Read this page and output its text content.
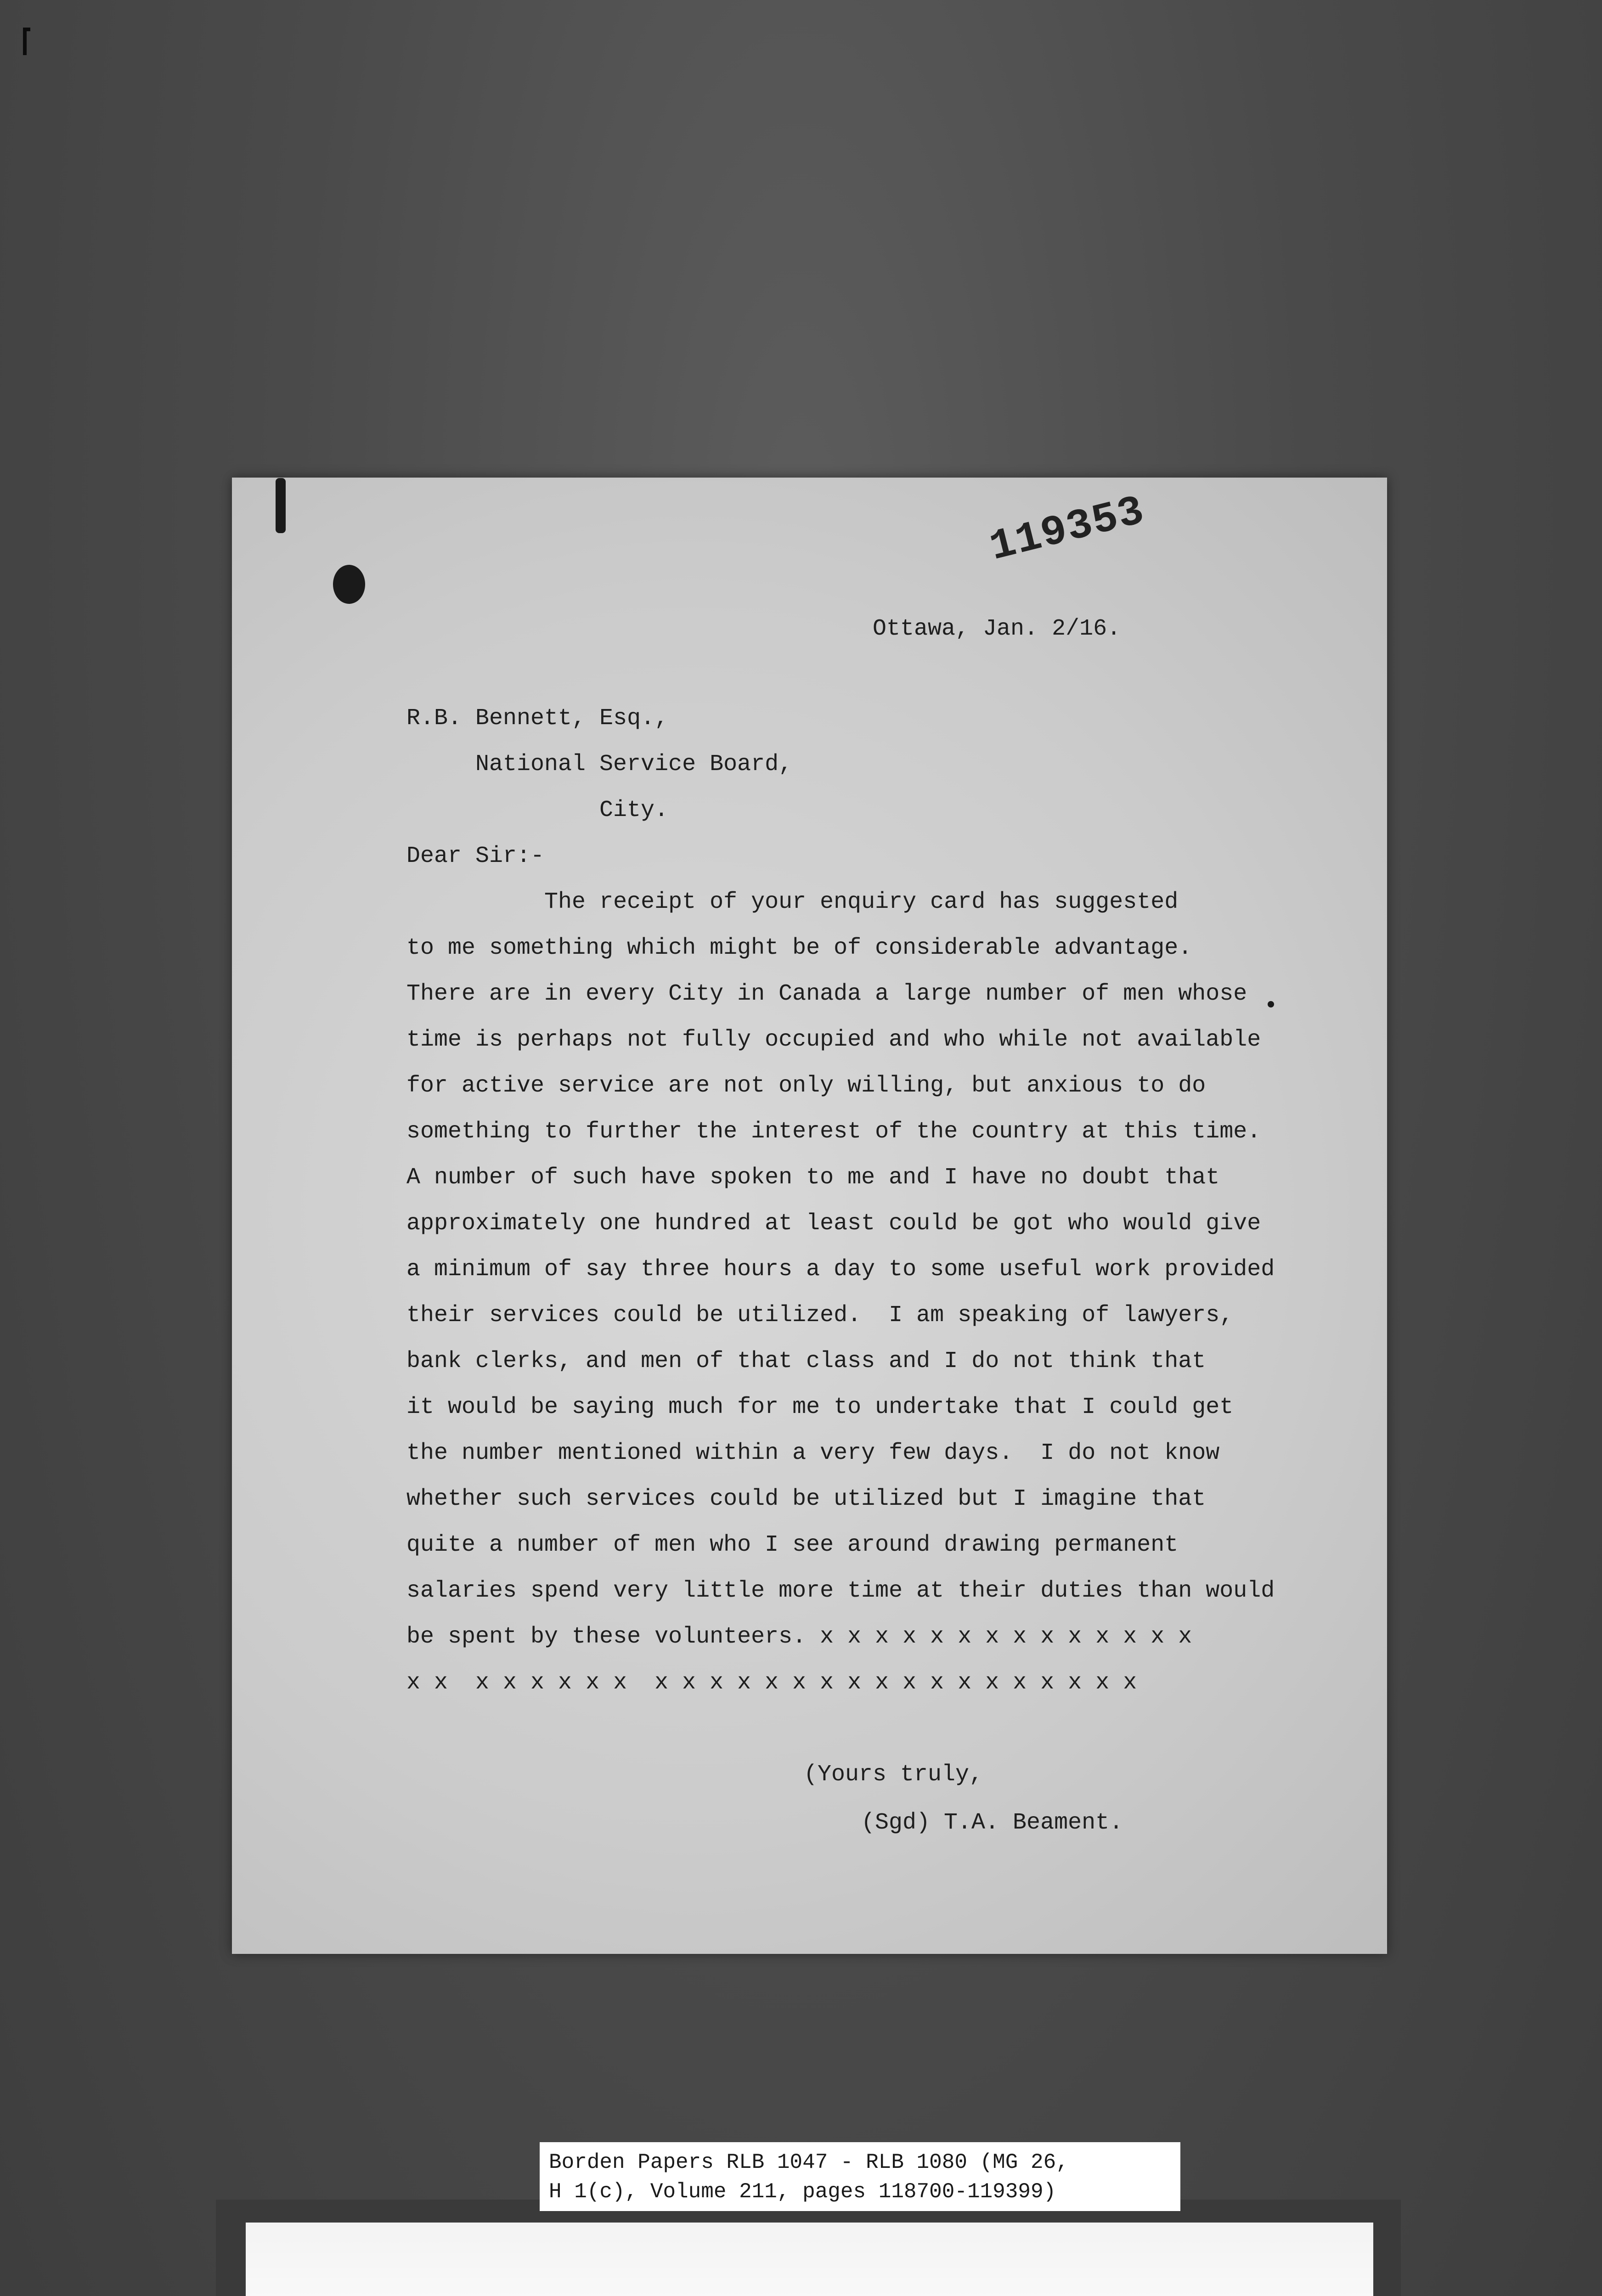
119353
Ottawa, Jan. 2/16.
R.B. Bennett, Esq.,
National Service Board,
City.
Dear Sir:-
The receipt of your enquiry card has suggested
to me something which might be of considerable advantage.
There are in every City in Canada a large number of men whose
time is perhaps not fully occupied and who while not available
for active service are not only willing, but anxious to do
something to further the interest of the country at this time.
A number of such have spoken to me and I have no doubt that
approximately one hundred at least could be got who would give
a minimum of say three hours a day to some useful work provided
their services could be utilized.  I am speaking of lawyers,
bank clerks, and men of that class and I do not think that
it would be saying much for me to undertake that I could get
the number mentioned within a very few days.  I do not know
whether such services could be utilized but I imagine that
quite a number of men who I see around drawing permanent
salaries spend very little more time at their duties than would
be spent by these volunteers. x x x x x x x x x x x x x x
x x  x x x x x x  x x x x x x x x x x x x x x x x x x
(Yours truly,
(Sgd) T.A. Beament.
Borden Papers RLB 1047 - RLB 1080 (MG 26,
H 1(c), Volume 211, pages 118700-119399)
